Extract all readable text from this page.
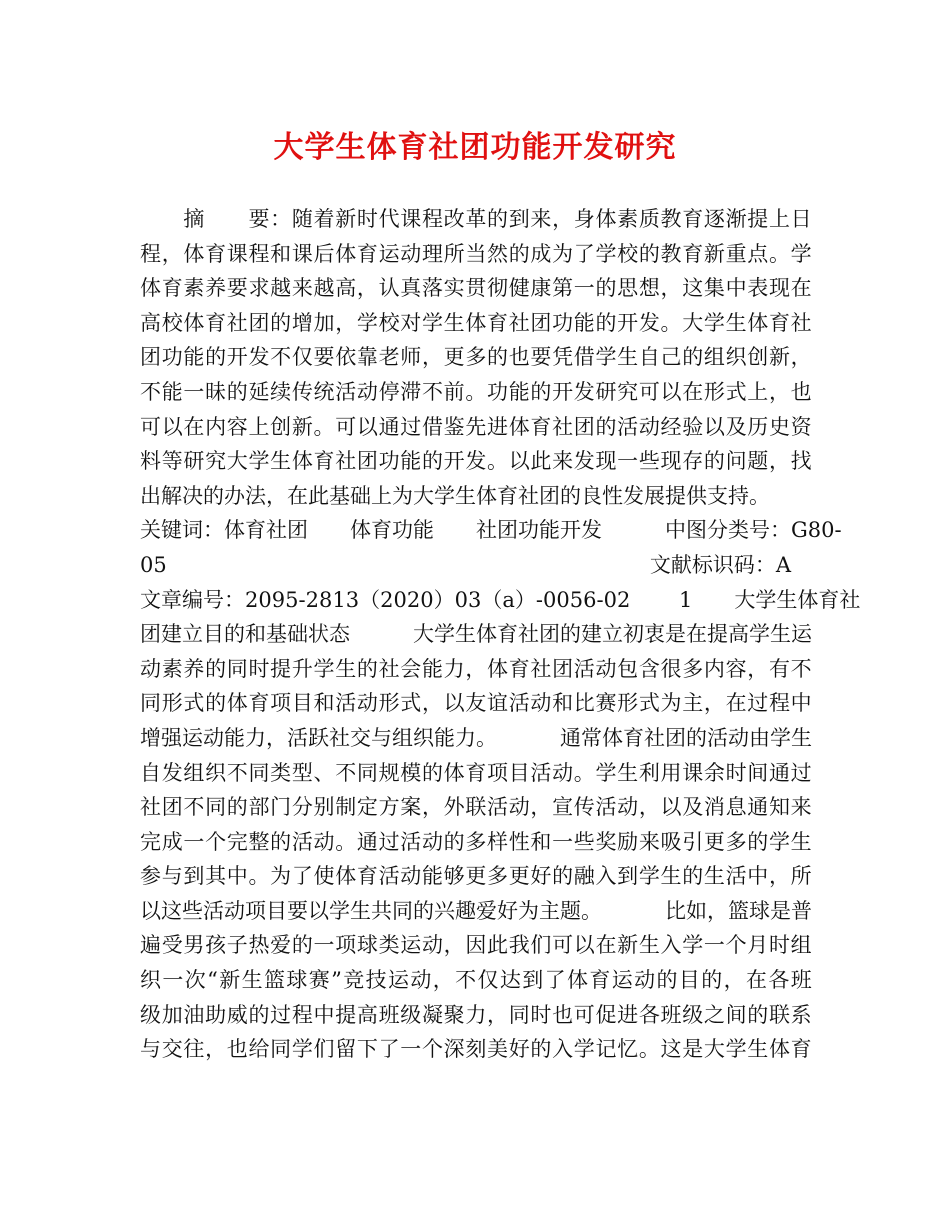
大学生体育社团功能开发研究

摘

　 要 ： 随 着 新 时 代 课 程 改 革 的 到 来 ， 身 体 素 质 教 育 逐 渐 提 上 日
程 ， 体 育 课 程 和 课 后 体 育 运 动 理 所 当 然 的 成 为 了 学 校 的 教 育 新 重 点 。 学
体 育 素 养 要 求 越 来 越 高 ， 认 真 落 实 贯 彻 健 康 第 一 的 思 想 ， 这 集 中 表 现 在
高 校 体 育 社 团 的 增 加 ， 学 校 对 学 生 体 育 社 团 功 能 的 开 发 。 大 学 生 体 育 社
团 功 能 的 开 发 不 仅 要 依 靠 老 师 ， 更 多 的 也 要 凭 借 学 生 自 己 的 组 织 创 新 ，
不 能 一 昧 的 延 续 传 统 活 动 停 滞 不 前 。 功 能 的 开 发 研 究 可 以 在 形 式 上 ， 也
可 以 在 内 容 上 创 新 。 可 以 通 过 借 鉴 先 进 体 育 社 团 的 活 动 经 验 以 及 历 史 资
料 等 研 究 大 学 生 体 育 社 团 功 能 的 开 发 。 以 此 来 发 现 一 些 现 存 的 问 题 ， 找
出解决的办法，在此基础上为大学生体育社团的良性发展提供支持。
关 键 词 ： 体 育 社 团

　 体 育 功 能

　 社 团 功 能 开 发

　	中 图 分 类 号 ： G 8 0 -
05	文献标识码：A　
文 章 编 号 ： 2 0 9 5 - 2 8 1 3 （ 2 0 2 0 ） 0 3 （ a ） - 0 0 5 6 - 0 2

1

　 大 学 生 体 育 社
团 建 立 目 的 和 基 础 状 态

　	大 学 生 体 育 社 团 的 建 立 初 衷 是 在 提 高 学 生 运
动 素 养 的 同 时 提 升 学 生 的 社 会 能 力 ， 体 育 社 团 活 动 包 含 很 多 内 容 ， 有 不
同 形 式 的 体 育 项 目 和 活 动 形 式 ， 以 友 谊 活 动 和 比 赛 形 式 为 主 ， 在 过 程 中
增 强 运 动 能 力 ， 活 跃 社 交 与 组 织 能 力 。

　	通 常 体 育 社 团 的 活 动 由 学 生
自 发 组 织 不 同 类 型 、 不 同 规 模 的 体 育 项 目 活 动 。 学 生 利 用 课 余 时 间 通 过
社 团 不 同 的 部 门 分 别 制 定 方 案 ， 外 联 活 动 ， 宣 传 活 动 ， 以 及 消 息 通 知 来
完 成 一 个 完 整 的 活 动 。 通 过 活 动 的 多 样 性 和 一 些 奖 励 来 吸 引 更 多 的 学 生
参 与 到 其 中 。 为 了 使 体 育 活 动 能 够 更 多 更 好 的 融 入 到 学 生 的 生 活 中 ， 所
以 这 些 活 动 项 目 要 以 学 生 共 同 的 兴 趣 爱 好 为 主 题 。

　	比 如 ， 篮 球 是 普
遍 受 男 孩 子 热 爱 的 一 项 球 类 运 动 ， 因 此 我 们 可 以 在 新 生 入 学 一 个 月 时 组
织 一 次 “ 新 生 篮 球 赛 ” 竞 技 运 动 ， 不 仅 达 到 了 体 育 运 动 的 目 的 ， 在 各 班
级 加 油 助 威 的 过 程 中 提 高 班 级 凝 聚 力 ， 同 时 也 可 促 进 各 班 级 之 间 的 联 系
与 交 往 ， 也 给 同 学 们 留 下 了 一 个 深 刻 美 好 的 入 学 记 忆 。 这 是 大 学 生 体 育
